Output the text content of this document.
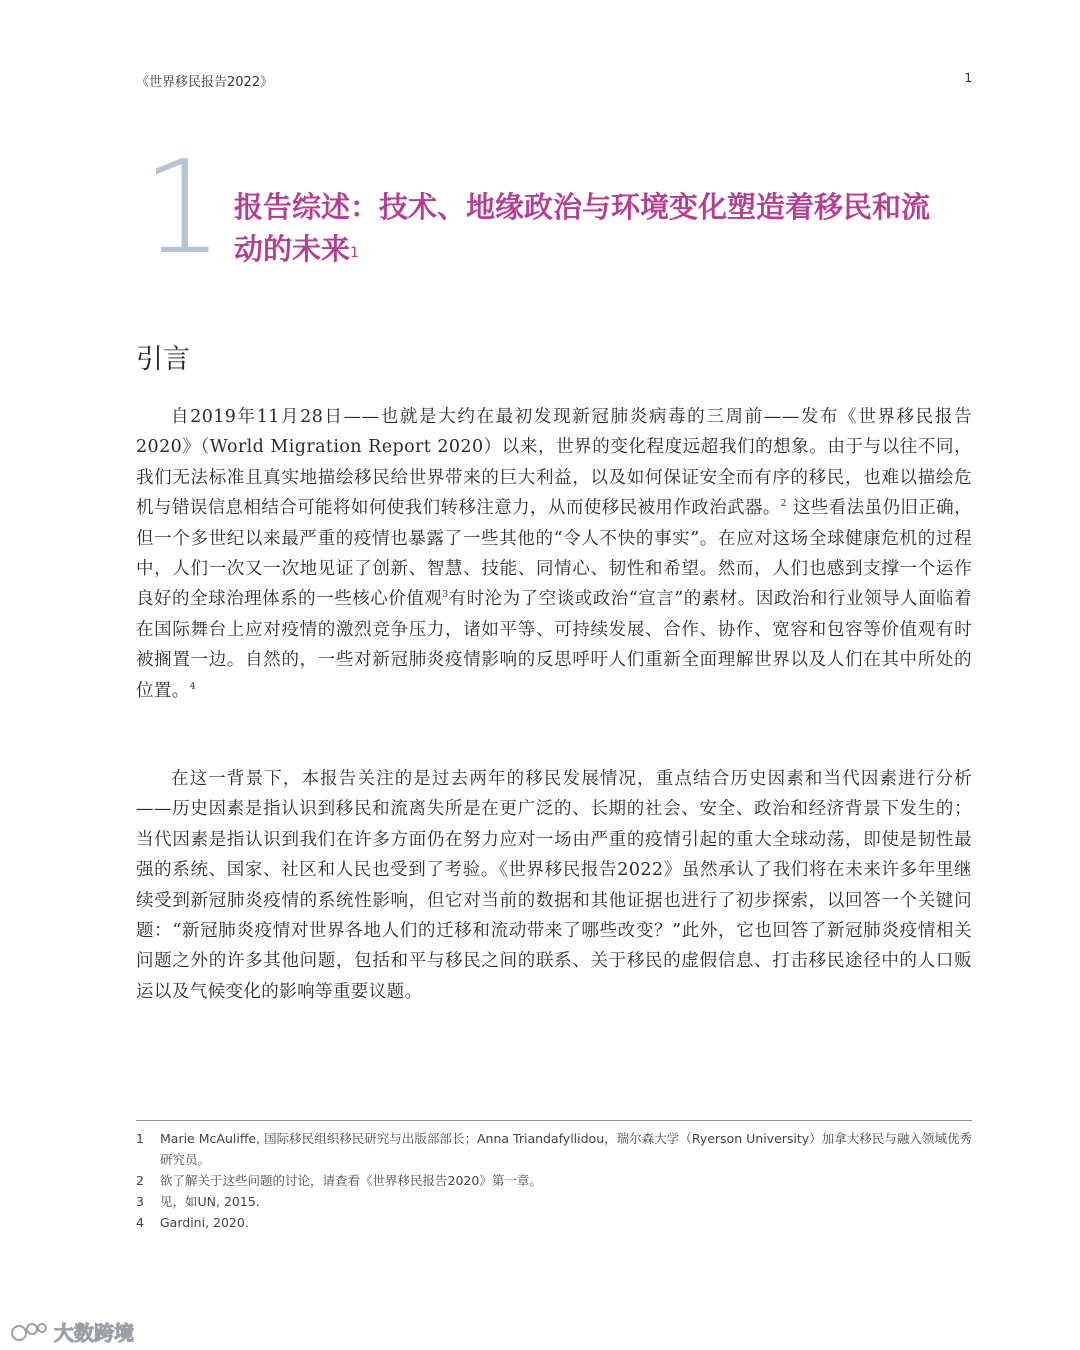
《世界移民报告2022》	1
1 报告综述：技术、地缘政治与环境变化塑造着移民和流动的未来$^1$
引言

自2019年11月28日——也就是大约在最初发现新冠肺炎病毒的三周前——发布《世界移民报告2020》（World Migration Report 2020）以来，世界的变化程度远超我们的想象。由于与以往不同，我们无法标准且真实地描绘移民给世界带来的巨大利益，以及如何保证安全而有序的移民，也难以描绘危机与错误信息相结合可能将如何使我们转移注意力，从而使移民被用作政治武器。$^2$ 这些看法虽仍旧正确，但一个多世纪以来最严重的疫情也暴露了一些其他的“令人不快的事实”。在应对这场全球健康危机的过程中，人们一次又一次地见证了创新、智慧、技能、同情心、韧性和希望。然而，人们也感到支撑一个运作良好的全球治理体系的一些核心价值观$^3$有时沦为了空谈或政治“宣言”的素材。因政治和行业领导人面临着在国际舞台上应对疫情的激烈竞争压力，诸如平等、可持续发展、合作、协作、宽容和包容等价值观有时被搁置一边。自然的，一些对新冠肺炎疫情影响的反思呼吁人们重新全面理解世界以及人们在其中所处的位置。$^4$

在这一背景下，本报告关注的是过去两年的移民发展情况，重点结合历史因素和当代因素进行分析——历史因素是指认识到移民和流离失所是在更广泛的、长期的社会、安全、政治和经济背景下发生的；当代因素是指认识到我们在许多方面仍在努力应对一场由严重的疫情引起的重大全球动荡，即使是韧性最强的系统、国家、社区和人民也受到了考验。《世界移民报告2022》虽然承认了我们将在未来许多年里继续受到新冠肺炎疫情的系统性影响，但它对当前的数据和其他证据也进行了初步探索，以回答一个关键问题：“新冠肺炎疫情对世界各地人们的迁移和流动带来了哪些改变？”此外，它也回答了新冠肺炎疫情相关问题之外的许多其他问题，包括和平与移民之间的联系、关于移民的虚假信息、打击移民途径中的人口贩运以及气候变化的影响等重要议题。

1	Marie McAuliffe, 国际移民组织移民研究与出版部部长；Anna Triandafyllidou，瑞尔森大学（Ryerson University）加拿大移民与融入领域优秀研究员。
2	欲了解关于这些问题的讨论，请查看《世界移民报告2020》第一章。
3	见，如UN, 2015.
4	Gardini, 2020.
大数跨境
